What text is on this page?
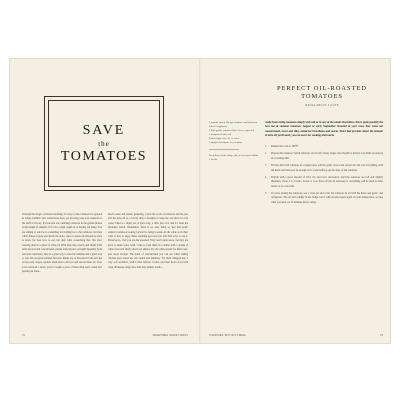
SAVE
the
TOMATOES

Through the magic of modern farming, it's easy to take tomatoes for granted as being available year round these days, yet growing your own tomatoes is the stuff of victory. It's true that old, rambling tomatoes in the garden picked at the height of summer, if it's not a sight ought on to buying out many. You are aiming to lend as to something for holding us to the tomatoes, but then what? Pause is gone and should be done, sauce to pause and should be done to know the best how to eat, but then what sweetening this, this slow roasting then in a glaze of olive oil. With time they season and finish folks such devoted and concentrated, pursue and put juicy enough! Speaking from personal experience, here is a great way to save the summer and a great way to save flat out great summer flavours. Plants are so flavoured in the salt and on the early stages, spoken when and to still yet and season them all. Over your tomatoes. I know you've bought a pack of these then been crated into peanut just done...

much easier and easiest gathering. I gave the stock of tomatoes and the jars and the pans all as a lovely, then a thoughts to keep the old slices in cold water. There's a slight yes, it goes long, a little just a lot and it's from the shrunken bench. Remember, there is no easy thing as 'just this point' tomato's tomatoes looking forward to being roasted. As the value as in their odds or how to enjoy them, anything goes and you will find ways to use it. Preserve no, I bet you are disconcerted. They aren't quite sauce, but they are great to make sauce with. I like to roast them in a skillet with a splash of white wine and finely sliced red shallot. Try the other spread for their toast, and ready enough. The point of concentrated you can use when adding chicken and cooked all, tale varied and summery. Try them whipped into a very soft scramble, with a little leftover Comté, and then heat's food with crisp chickpeas, tangy feta, then feta Tomato Garlic...

72	SOMETIMES I MAKE THINGS
PERFECT OIL-ROASTED
TOMATOES
MAKES ABOUT 2 CUPS

2 pounds (about 20) ripe tomatoes and heirloom halved lengthwise

1 bulb garlic, separated into cloves, unpeeled

1 teaspoon kosher salt

Extra-virgin olive oil, to cover

3 sprigs fresh thyme or rosemary

Keep these in the fridge, they're best used within 2 weeks.

Aside from eating tomatoes simply with salt or in any of the salads that follow, this is quite possibly the best use of summer tomatoes. August or early September. Roasted in your oven, they come out concentrated, sweet and silky, suited for bruschetta and sauces. Don't feel precious about the amount of olive oil you'll need; you can use it for cooking afterwards.
1	Preheat the oven to 300°F.
2	Prepare the tomatoes: Small tomatoes can be left whole; larger ones should be halved. Lay them cut-side up in a roasting dish.
3	Fill the dish with tomatoes in a single layer, add the garlic cloves and scatter the salt over everything. Add the herbs and then pour in enough oil to come halfway up the sides of the tomatoes.
4	Drizzle with a good amount of olive oil, and roast, uncovered, until the tomatoes are soft and slightly shrunken, about 2 to 3 hours. Leave to cool. Pour off the oil and keep it; everything will be used to dress salads or to cook with.
5	If you're storing the tomatoes, use a clean jar and cover the tomatoes in oil with the herbs and garlic, and refrigerate. The oil will solidify in the fridge, but it will become liquid again at room temperature, so take what you need out 30 minutes before using.
TOMATOES, BUT NOT A MEAL	73
